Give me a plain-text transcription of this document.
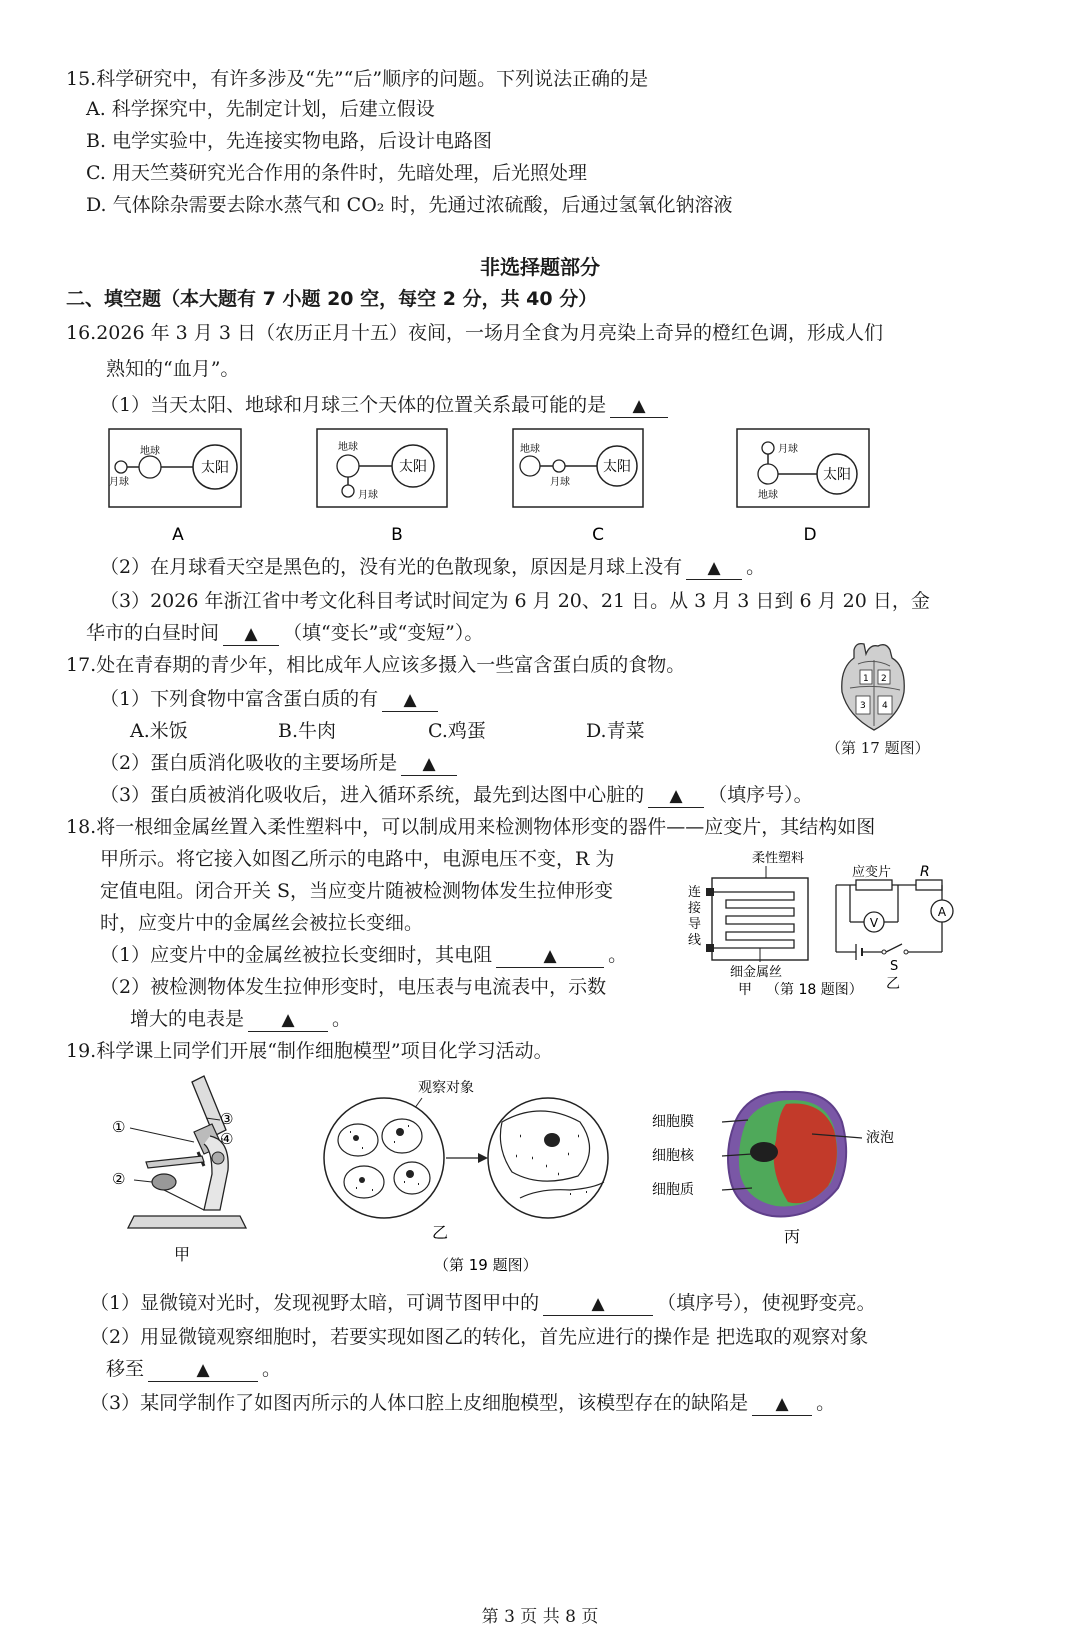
15.科学研究中，有许多涉及“先”“后”顺序的问题。下列说法正确的是
A. 科学探究中，先制定计划，后建立假设
B. 电学实验中，先连接实物电路，后设计电路图
C. 用天竺葵研究光合作用的条件时，先暗处理，后光照处理
D. 气体除杂需要去除水蒸气和 CO₂ 时，先通过浓硫酸，后通过氢氧化钠溶液
非选择题部分
二、填空题（本大题有 7 小题 20 空，每空 2 分，共 40 分）
16.2026 年 3 月 3 日（农历正月十五）夜间，一场月全食为月亮染上奇异的橙红色调，形成人们
熟知的“血月”。
（1）当天太阳、地球和月球三个天体的位置关系最可能的是 ▲
地球
月球
太阳
地球
月球
太阳
地球
月球
太阳
月球
地球
太阳
A	B	C	D
（2）在月球看天空是黑色的，没有光的色散现象，原因是月球上没有 ▲ 。
（3）2026 年浙江省中考文化科目考试时间定为 6 月 20、21 日。从 3 月 3 日到 6 月 20 日，金
华市的白昼时间 ▲ （填“变长”或“变短”）。
17.处在青春期的青少年，相比成年人应该多摄入一些富含蛋白质的食物。
（1）下列食物中富含蛋白质的有 ▲
A.米饭	B.牛肉	C.鸡蛋	D.青菜
（2）蛋白质消化吸收的主要场所是 ▲
（3）蛋白质被消化吸收后，进入循环系统，最先到达图中心脏的 ▲ （填序号）。
1 2
3 4
（第 17 题图）
18.将一根细金属丝置入柔性塑料中，可以制成用来检测物体形变的器件——应变片，其结构如图
甲所示。将它接入如图乙所示的电路中，电源电压不变，R 为
定值电阻。闭合开关 S，当应变片随被检测物体发生拉伸形变
时，应变片中的金属丝会被拉长变细。
（1）应变片中的金属丝被拉长变细时，其电阻	▲	。
（2）被检测物体发生拉伸形变时，电压表与电流表中，示数
增大的电表是 ▲ 。
柔性塑料
连
接
导
线
细金属丝
甲 （第 18 题图）
应变片 R
V
A
S
乙
19.科学课上同学们开展“制作细胞模型”项目化学习活动。
①
②
③
④
甲
观察对象
乙
细胞膜
细胞核
细胞质
液泡
丙
（第 19 题图）
（1）显微镜对光时，发现视野太暗，可调节图甲中的	▲	（填序号），使视野变亮。
（2）用显微镜观察细胞时，若要实现如图乙的转化，首先应进行的操作是 把选取的观察对象
移至	▲	。
（3）某同学制作了如图丙所示的人体口腔上皮细胞模型，该模型存在的缺陷是 ▲ 。
第 3 页 共 8 页
